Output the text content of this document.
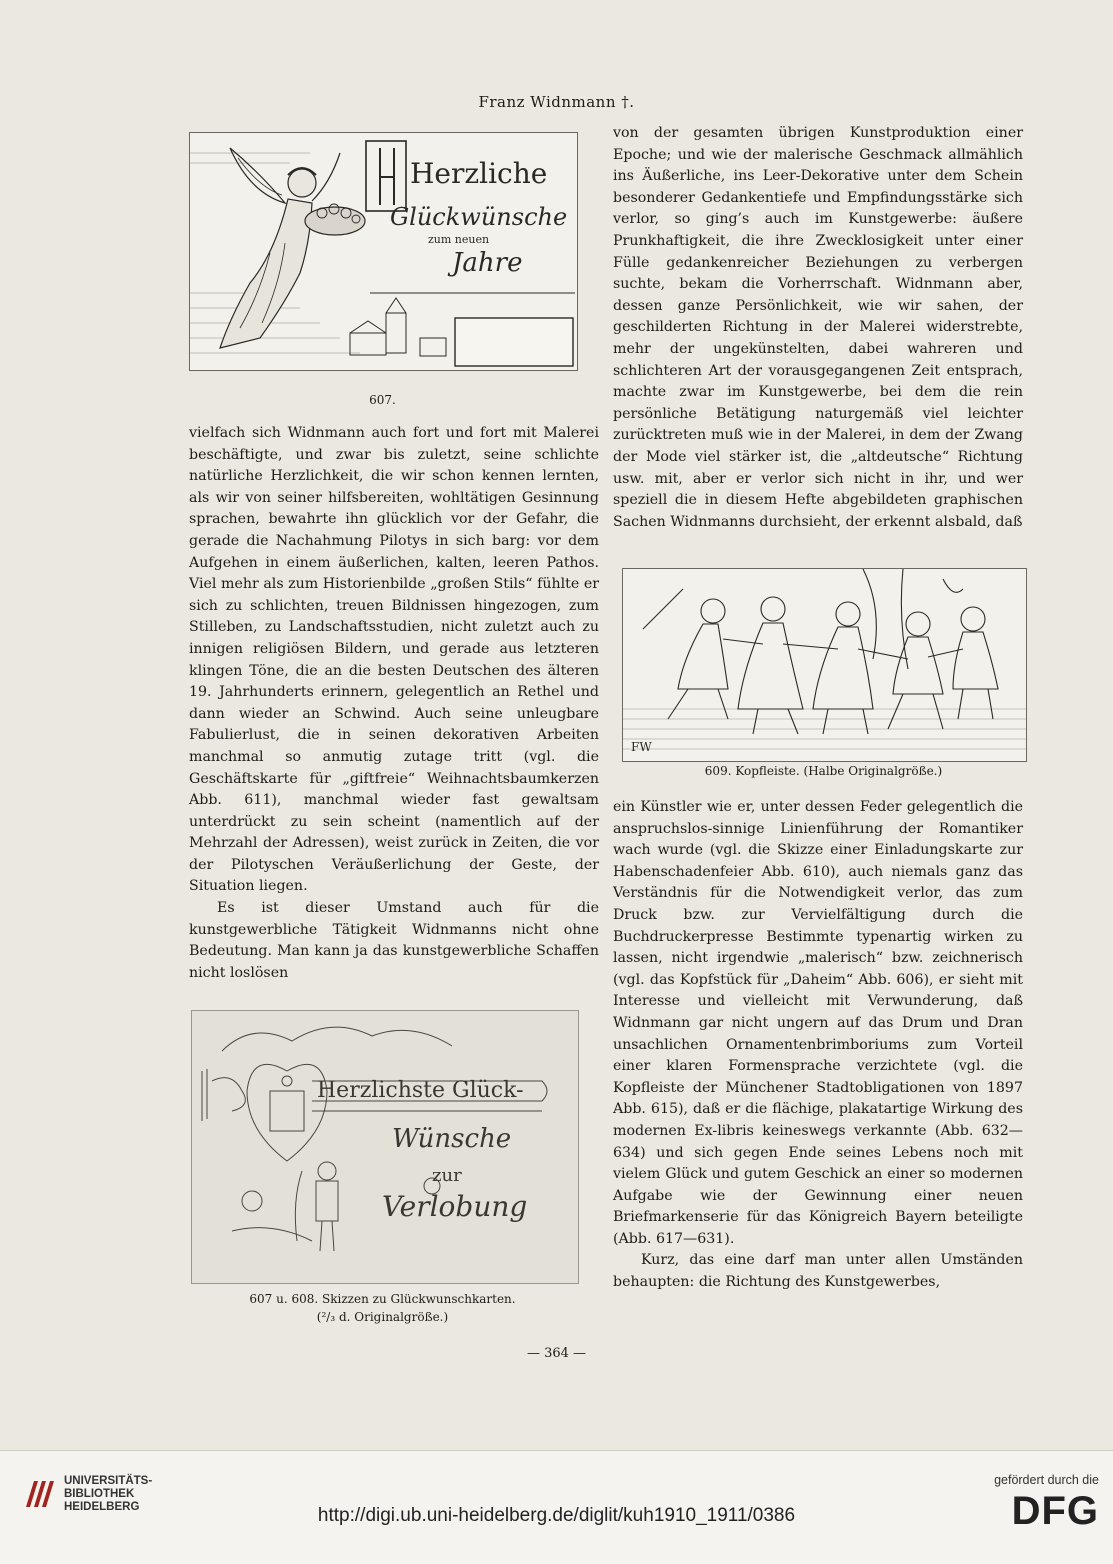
Franz Widnmann †.
Herzliche
Glückwünsche
zum neuen
Jahre
607.

vielfach sich Widnmann auch fort und fort mit Malerei beschäftigte, und zwar bis zuletzt, seine schlichte natürliche Herzlichkeit, die wir schon kennen lernten, als wir von seiner hilfsbereiten, wohltätigen Gesinnung sprachen, bewahrte ihn glücklich vor der Gefahr, die gerade die Nachahmung Pilotys in sich barg: vor dem Aufgehen in einem äußerlichen, kalten, leeren Pathos. Viel mehr als zum Historienbilde „großen Stils“ fühlte er sich zu schlichten, treuen Bildnissen hingezogen, zum Stilleben, zu Landschaftsstudien, nicht zuletzt auch zu innigen religiösen Bildern, und gerade aus letzteren klingen Töne, die an die besten Deutschen des älteren 19. Jahrhunderts erinnern, gelegentlich an Rethel und dann wieder an Schwind. Auch seine unleugbare Fabulierlust, die in seinen dekorativen Arbeiten manchmal so anmutig zutage tritt (vgl. die Geschäftskarte für „giftfreie“ Weihnachtsbaumkerzen Abb. 611), manchmal wieder fast gewaltsam unterdrückt zu sein scheint (namentlich auf der Mehrzahl der Adressen), weist zurück in Zeiten, die vor der Pilotyschen Veräußerlichung der Geste, der Situation liegen.

Es ist dieser Umstand auch für die kunstgewerbliche Tätigkeit Widnmanns nicht ohne Bedeutung. Man kann ja das kunstgewerbliche Schaffen nicht loslösen

Herzlichste Glück-
Wünsche
zur
Verlobung
607 u. 608. Skizzen zu Glückwunschkarten.
(²/₃ d. Originalgröße.)

von der gesamten übrigen Kunstproduktion einer Epoche; und wie der malerische Geschmack allmählich ins Äußerliche, ins Leer-Dekorative unter dem Schein besonderer Gedankentiefe und Empfindungsstärke sich verlor, so ging’s auch im Kunstgewerbe: äußere Prunkhaftigkeit, die ihre Zwecklosigkeit unter einer Fülle gedankenreicher Beziehungen zu verbergen suchte, bekam die Vorherrschaft. Widnmann aber, dessen ganze Persönlichkeit, wie wir sahen, der geschilderten Richtung in der Malerei widerstrebte, mehr der ungekünstelten, dabei wahreren und schlichteren Art der vorausgegangenen Zeit entsprach, machte zwar im Kunstgewerbe, bei dem die rein persönliche Betätigung naturgemäß viel leichter zurücktreten muß wie in der Malerei, in dem der Zwang der Mode viel stärker ist, die „altdeutsche“ Richtung usw. mit, aber er verlor sich nicht in ihr, und wer speziell die in diesem Hefte abgebildeten graphischen Sachen Widnmanns durchsieht, der erkennt alsbald, daß

FW
609. Kopfleiste. (Halbe Originalgröße.)

ein Künstler wie er, unter dessen Feder gelegentlich die anspruchslos-sinnige Linienführung der Romantiker wach wurde (vgl. die Skizze einer Einladungskarte zur Habenschadenfeier Abb. 610), auch niemals ganz das Verständnis für die Notwendigkeit verlor, das zum Druck bzw. zur Vervielfältigung durch die Buchdruckerpresse Bestimmte typenartig wirken zu lassen, nicht irgendwie „malerisch“ bzw. zeichnerisch (vgl. das Kopfstück für „Daheim“ Abb. 606), er sieht mit Interesse und vielleicht mit Verwunderung, daß Widnmann gar nicht ungern auf das Drum und Dran unsachlichen Ornamentenbrimboriums zum Vorteil einer klaren Formensprache verzichtete (vgl. die Kopfleiste der Münchener Stadtobligationen von 1897 Abb. 615), daß er die flächige, plakatartige Wirkung des modernen Ex-libris keineswegs verkannte (Abb. 632—634) und sich gegen Ende seines Lebens noch mit vielem Glück und gutem Geschick an einer so modernen Aufgabe wie der Gewinnung einer neuen Briefmarkenserie für das Königreich Bayern beteiligte (Abb. 617—631).

Kurz, das eine darf man unter allen Umständen behaupten: die Richtung des Kunstgewerbes,

— 364 —
UNIVERSITÄTS-
BIBLIOTHEK
HEIDELBERG	http://digi.ub.uni-heidelberg.de/diglit/kuh1910_1911/0386
gefördert durch die
DFG
